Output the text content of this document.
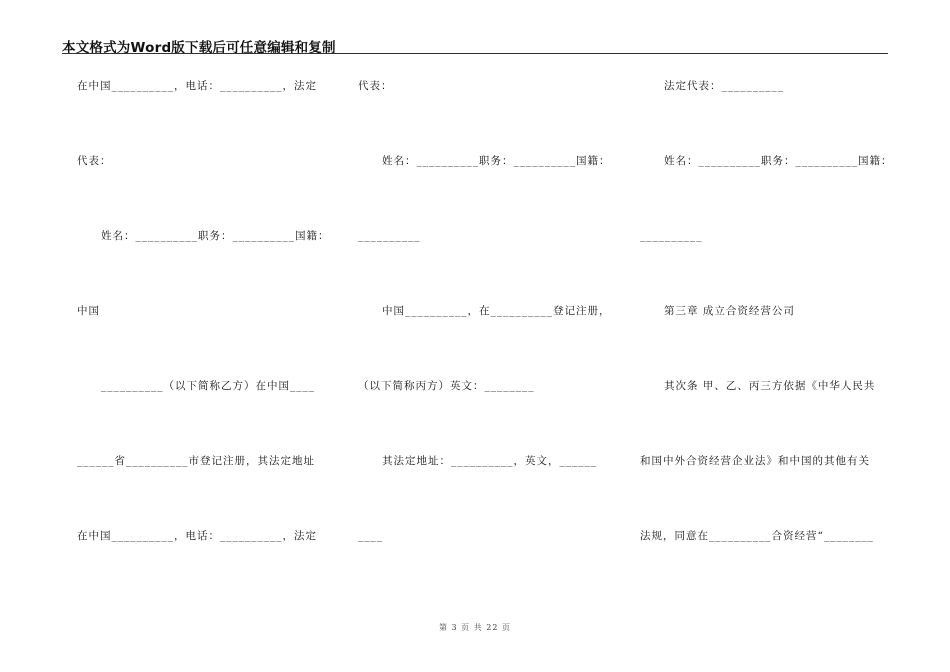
本文格式为Word版下载后可任意编辑和复制
在中国__________，电话：__________，法定
代表：
姓名：__________职务：__________国籍：
中国
__________（以下简称乙方）在中国____
______省__________市登记注册，其法定地址
在中国__________，电话：__________，法定
代表：
姓名：__________职务：__________国籍：
__________
中国__________，在__________登记注册，
（以下简称丙方）英文：________
其法定地址：__________，英文，______
____
法定代表：__________
姓名：__________职务：__________国籍：
__________
第三章 成立合资经营公司
其次条 甲、乙、丙三方依据《中华人民共
和国中外合资经营企业法》和中国的其他有关
法规，同意在__________合资经营“________
第 3 页 共 22 页
